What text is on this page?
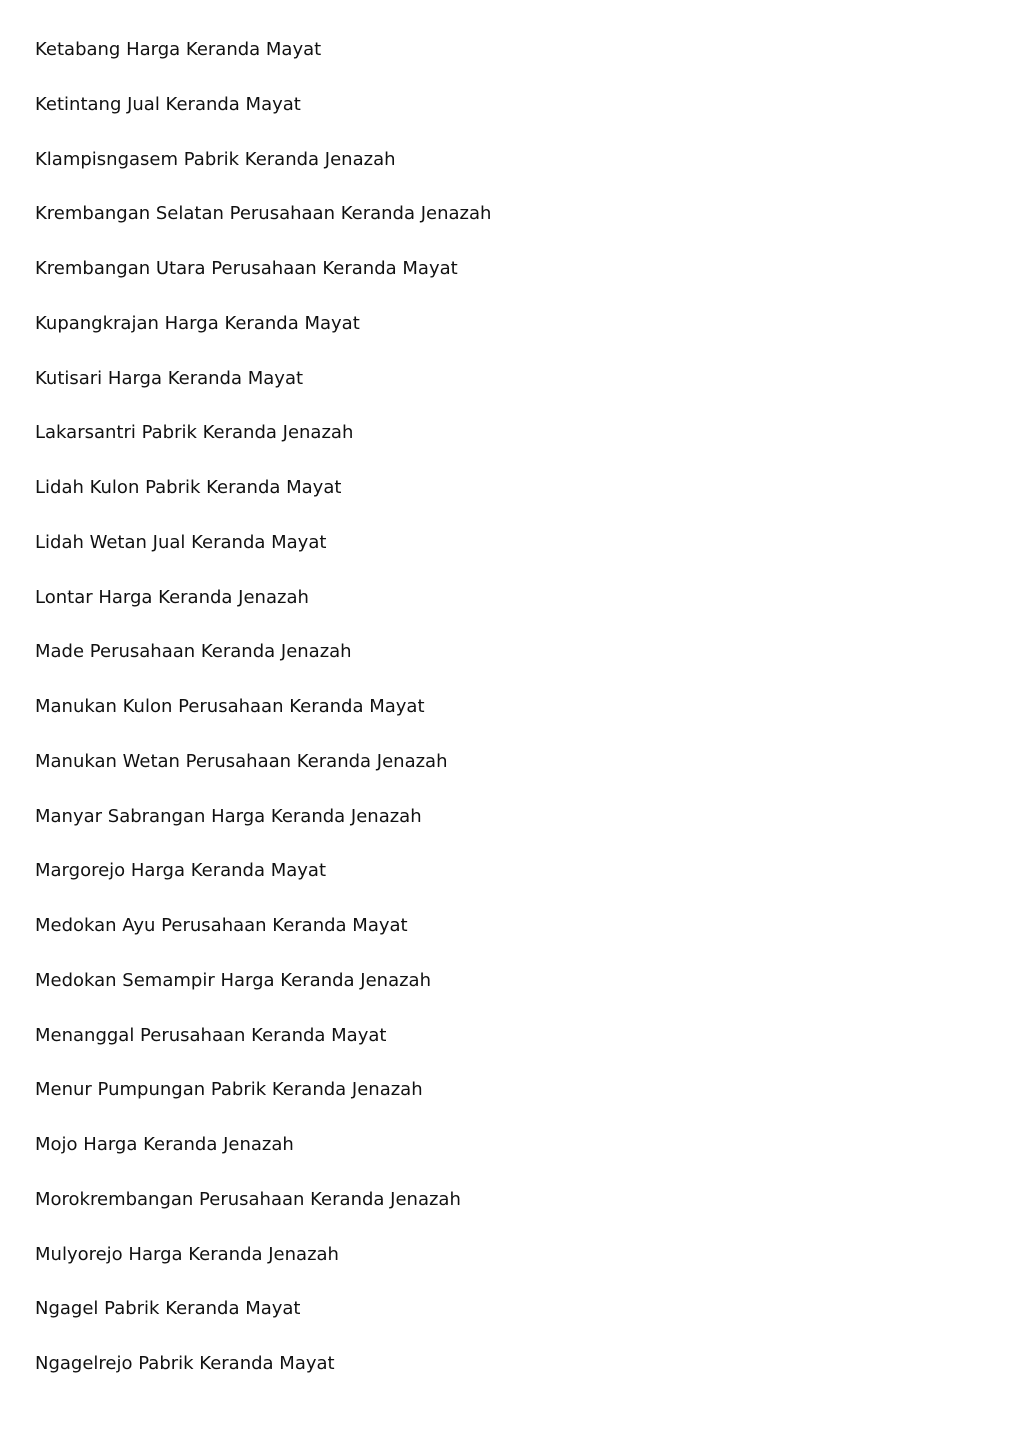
Ketabang Harga Keranda Mayat
Ketintang Jual Keranda Mayat
Klampisngasem Pabrik Keranda Jenazah
Krembangan Selatan Perusahaan Keranda Jenazah
Krembangan Utara Perusahaan Keranda Mayat
Kupangkrajan Harga Keranda Mayat
Kutisari Harga Keranda Mayat
Lakarsantri Pabrik Keranda Jenazah
Lidah Kulon Pabrik Keranda Mayat
Lidah Wetan Jual Keranda Mayat
Lontar Harga Keranda Jenazah
Made Perusahaan Keranda Jenazah
Manukan Kulon Perusahaan Keranda Mayat
Manukan Wetan Perusahaan Keranda Jenazah
Manyar Sabrangan Harga Keranda Jenazah
Margorejo Harga Keranda Mayat
Medokan Ayu Perusahaan Keranda Mayat
Medokan Semampir Harga Keranda Jenazah
Menanggal Perusahaan Keranda Mayat
Menur Pumpungan Pabrik Keranda Jenazah
Mojo Harga Keranda Jenazah
Morokrembangan Perusahaan Keranda Jenazah
Mulyorejo Harga Keranda Jenazah
Ngagel Pabrik Keranda Mayat
Ngagelrejo Pabrik Keranda Mayat
